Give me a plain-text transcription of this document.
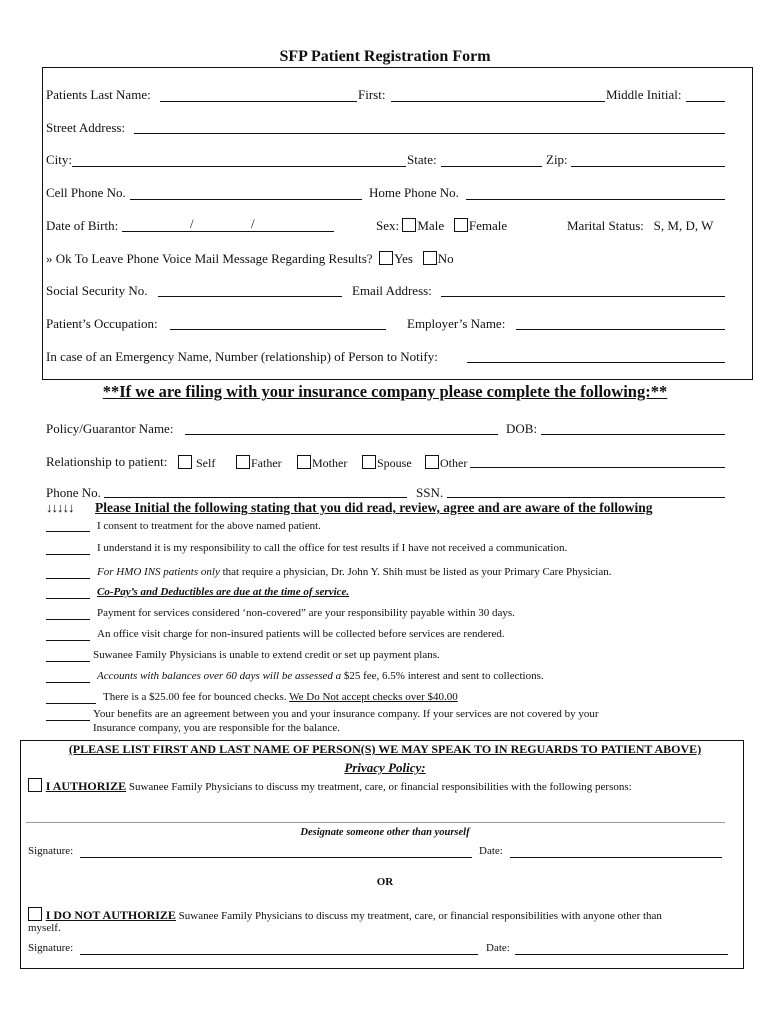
SFP Patient Registration Form
Patients Last Name:	First:	Middle Initial:
Street Address:
City:	State:	Zip:
Cell Phone No.	Home Phone No.
Date of Birth:	/	/	Sex: Male Female	Marital Status:   S, M, D, W
» Ok To Leave Phone Voice Mail Message Regarding Results? Yes No
Social Security No.	Email Address:
Patient’s Occupation:	Employer’s Name:
In case of an Emergency Name, Number (relationship) of Person to Notify:
**If we are filing with your insurance company please complete the following:**
Policy/Guarantor Name:	DOB:
Relationship to patient:	Self	Father	Mother	Spouse	Other
Phone No.	SSN.
↓↓↓↓↓ Please Initial the following stating that you did read, review, agree and are aware of the following
I consent to treatment for the above named patient.
I understand it is my responsibility to call the office for test results if I have not received a communication.
For HMO INS patients only that require a physician, Dr. John Y. Shih must be listed as your Primary Care Physician.
Co-Pay’s and Deductibles are due at the time of service.
Payment for services considered ‘non-covered” are your responsibility payable within 30 days.
An office visit charge for non-insured patients will be collected before services are rendered.
Suwanee Family Physicians is unable to extend credit or set up payment plans.
Accounts with balances over 60 days will be assessed a $25 fee, 6.5% interest and sent to collections.
There is a $25.00 fee for bounced checks. We Do Not accept checks over $40.00
Your benefits are an agreement between you and your insurance company. If your services are not covered by your
Insurance company, you are responsible for the balance.
(PLEASE LIST FIRST AND LAST NAME OF PERSON(S) WE MAY SPEAK TO IN REGUARDS TO PATIENT ABOVE)
Privacy Policy:
I AUTHORIZE Suwanee Family Physicians to discuss my treatment, care, or financial responsibilities with the following persons:
Designate someone other than yourself
Signature:	Date:
OR
I DO NOT AUTHORIZE Suwanee Family Physicians to discuss my treatment, care, or financial responsibilities with anyone other than
myself.
Signature:	Date:
